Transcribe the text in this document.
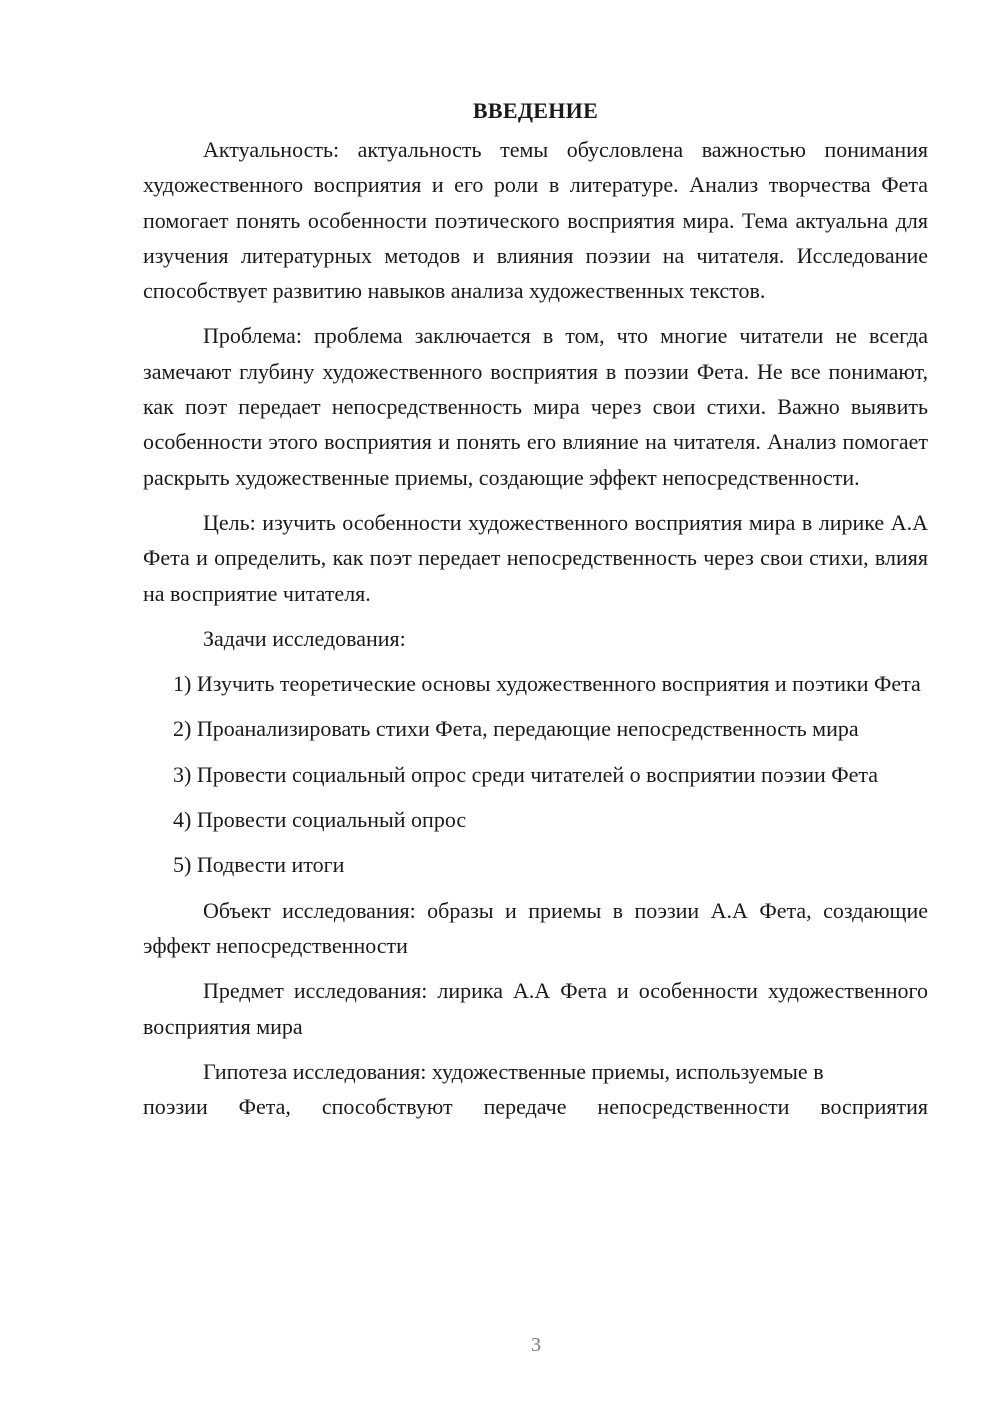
ВВЕДЕНИЕ

Актуальность: актуальность темы обусловлена важностью понимания художественного восприятия и его роли в литературе. Анализ творчества Фета помогает понять особенности поэтического восприятия мира. Тема актуальна для изучения литературных методов и влияния поэзии на читателя. Исследование способствует развитию навыков анализа художественных текстов.

Проблема: проблема заключается в том, что многие читатели не всегда замечают глубину художественного восприятия в поэзии Фета. Не все понимают, как поэт передает непосредственность мира через свои стихи. Важно выявить особенности этого восприятия и понять его влияние на читателя. Анализ помогает раскрыть художественные приемы, создающие эффект непосредственности.

Цель: изучить особенности художественного восприятия мира в лирике А.А Фета и определить, как поэт передает непосредственность через свои стихи, влияя на восприятие читателя.

Задачи исследования:

1) Изучить теоретические основы художественного восприятия и поэтики Фета

2) Проанализировать стихи Фета, передающие непосредственность мира

3) Провести социальный опрос среди читателей о восприятии поэзии Фета

4) Провести социальный опрос

5) Подвести итоги

Объект исследования: образы и приемы в поэзии А.А Фета, создающие эффект непосредственности

Предмет исследования: лирика А.А Фета и особенности художественного восприятия мира

Гипотеза исследования: художественные приемы, используемые в

поэзии Фета, способствуют передаче непосредственности восприятия

3
